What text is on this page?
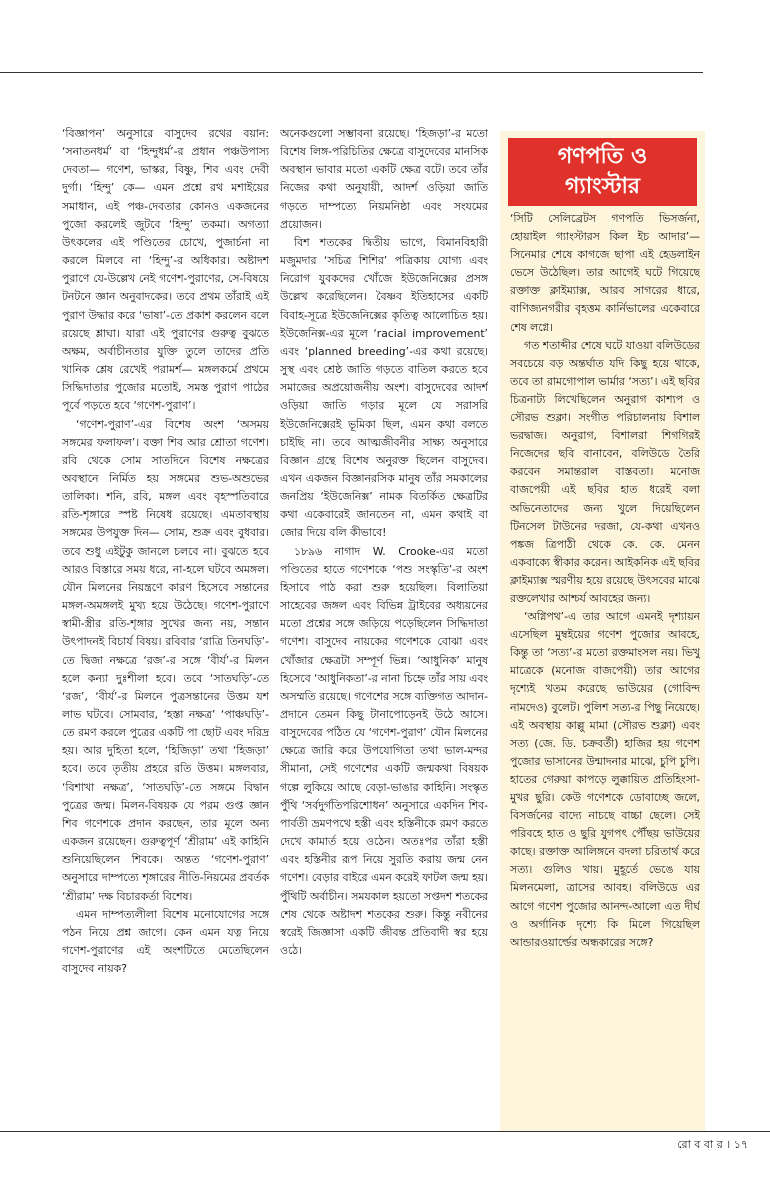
‘বিজ্ঞাপন’ অনুসারে বাসুদেব রথের বয়ান: ‘সনাতনধর্ম’ বা ‘হিন্দুধর্ম’-র প্রধান পঞ্চউপাস্য দেবতা— গণেশ, ভাস্কর, বিষ্ণু, শিব এবং দেবী দুর্গা। ‘হিন্দু’ কে— এমন প্রশ্নে রথ মশাইয়ের সমাধান, এই পঞ্চ-দেবতার কোনও একজনের পুজো করলেই জুটবে ‘হিন্দু’ তকমা। অগত্যা উৎকলের এই পণ্ডিতের চোখে, পুজার্চনা না করলে মিলবে না ‘হিন্দু’-র অধিকার। অষ্টাদশ পুরাণে যে-উল্লেখ নেই গণেশ-পুরাণের, সে-বিষয়ে টনটনে জ্ঞান অনুবাদকের। তবে প্রথম তাঁরাই এই পুরাণ উদ্ধার করে ‘ভাষা’-তে প্রকাশ করলেন বলে রয়েছে শ্লাঘা। যারা এই পুরাণের গুরুত্ব বুঝতে অক্ষম, অর্বাচীনতার যুক্তি তুলে তাদের প্রতি খানিক শ্লেষ রেখেই পরামর্শ— মঙ্গলকর্মে প্রথমে সিদ্ধিদাতার পুজোর মতোই, সমস্ত পুরাণ পাঠের পূর্বে পড়তে হবে ‘গণেশ-পুরাণ’।

‘গণেশ-পুরাণ’-এর বিশেষ অংশ ‘অসময় সঙ্গমের ফলাফল’। বক্তা শিব আর শ্রোতা গণেশ। রবি থেকে সোম সাতদিনে বিশেষ নক্ষত্রের অবস্থানে নির্মিত হয় সঙ্গমের শুভ-অশুভের তালিকা। শনি, রবি, মঙ্গল এবং বৃহস্পতিবারে রতি-শৃঙ্গারে স্পষ্ট নিষেধ রয়েছে। এমতাবস্থায় সঙ্গমের উপযুক্ত দিন— সোম, শুক্র এবং বুধবার। তবে শুধু এইটুকু জানলে চলবে না। বুঝতে হবে আরও বিস্তারে সময় ধরে, না-হলে ঘটবে অমঙ্গল। যৌন মিলনের নিয়ন্ত্রণে কারণ হিসেবে সন্তানের মঙ্গল-অমঙ্গলই মুখ্য হয়ে উঠেছে। গণেশ-পুরাণে স্বামী-স্ত্রীর রতি-শৃঙ্গার সুখের জন্য নয়, সন্তান উৎপাদনই বিচার্য বিষয়। রবিবার ‘রাত্রি তিনঘড়ি’-তে দ্বিজা নক্ষত্রে ‘রজ’-র সঙ্গে ‘বীর্য’-র মিলন হলে কন্যা দুঃশীলা হবে। তবে ‘সাতঘড়ি’-তে ‘রজ’, ‘বীর্য’-র মিলনে পুত্রসন্তানের উত্তম যশ লাভ ঘটবে। সোমবার, ‘হস্তা নক্ষত্র’ ‘পাঞ্চঘড়ি’-তে রমণ করলে পুত্রের একটি পা ছোট এবং দরিদ্র হয়। আর দুহিতা হলে, ‘হিজিড়া’ তথা ‘হিজড়া’ হবে। তবে তৃতীয় প্রহরে রতি উত্তম। মঙ্গলবার, ‘বিশাখা নক্ষত্র’, ‘সাতঘড়ি’-তে সঙ্গমে বিদ্বান পুত্রের জন্ম। মিলন-বিষয়ক যে পরম গুপ্ত জ্ঞান শিব গণেশকে প্রদান করছেন, তার মূলে অন্য একজন রয়েছেন। গুরুত্বপূর্ণ ‘শ্রীরাম’ এই কাহিনি শুনিয়েছিলেন শিবকে। অন্তত ‘গণেশ-পুরাণ’ অনুসারে দাম্পত্যে শৃঙ্গারের নীতি-নিয়মের প্রবর্তক ‘শ্রীরাম’ দক্ষ বিচারকর্তা বিশেষ।

এমন দাম্পত্যলীলা বিশেষ মনোযোগের সঙ্গে পঠন নিয়ে প্রশ্ন জাগে। কেন এমন যত্ন নিয়ে গণেশ-পুরাণের এই অংশটিতে মেতেছিলেন বাসুদেব নায়ক?

অনেকগুলো সম্ভাবনা রয়েছে। ‘হিজড়া’-র মতো বিশেষ লিঙ্গ-পরিচিতির ক্ষেত্রে বাসুদেবের মানসিক অবস্থান ভাবার মতো একটি ক্ষেত্র বটে। তবে তাঁর নিজের কথা অনুযায়ী, আদর্শ ওড়িয়া জাতি গড়তে দাম্পত্যে নিয়মনিষ্ঠা এবং সংযমের প্রয়োজন।

বিশ শতকের দ্বিতীয় ভাগে, বিমানবিহারী মজুমদার ‘সচিত্র শিশির’ পত্রিকায় যোগ্য এবং নিরোগ যুবকদের খোঁজে ইউজেনিক্সের প্রসঙ্গ উল্লেখ করেছিলেন। বৈষ্ণব ইতিহাসের একটি বিবাহ-সূত্রে ইউজেনিক্সের কৃতিত্ব আলোচিত হয়। ইউজেনিক্স-এর মূলে ‘racial improvement’ এবং ‘planned breeding’-এর কথা রয়েছে। সুস্থ এবং শ্রেষ্ঠ জাতি গড়তে বাতিল করতে হবে সমাজের অপ্রয়োজনীয় অংশ। বাসুদেবের আদর্শ ওড়িয়া জাতি গড়ার মূলে যে সরাসরি ইউজেনিক্সেরই ভূমিকা ছিল, এমন কথা বলতে চাইছি না। তবে আত্মজীবনীর সাক্ষ্য অনুসারে বিজ্ঞান গ্রন্থে বিশেষ অনুরক্ত ছিলেন বাসুদেব। এখন একজন বিজ্ঞানরসিক মানুষ তাঁর সমকালের জনপ্রিয় ‘ইউজেনিক্স’ নামক বিতর্কিত ক্ষেত্রটির কথা একেবারেই জানতেন না, এমন কথাই বা জোর দিয়ে বলি কীভাবে!

১৮৯৬ নাগাদ W. Crooke-এর মতো পণ্ডিতের হাতে গণেশকে ‘পশু সংস্কৃতি’-র অংশ হিসাবে পাঠ করা শুরু হয়েছিল। বিলাতিয়া সাহেবের জঙ্গল এবং বিভিন্ন ট্রাইবের অধ্যয়নের মতো প্রশ্নের সঙ্গে জড়িয়ে পড়েছিলেন সিদ্ধিদাতা গণেশ। বাসুদেব নায়কের গণেশকে বোঝা এবং খোঁজার ক্ষেত্রটা সম্পূর্ণ ভিন্ন। ‘আধুনিক’ মানুষ হিসেবে ‘আধুনিকতা’-র নানা চিহ্নে তাঁর সায় এবং অসম্মতি রয়েছে। গণেশের সঙ্গে ব্যক্তিগত আদান-প্রদানে তেমন কিছু টানাপোড়েনই উঠে আসে। বাসুদেবের পঠিত যে ‘গণেশ-পুরাণ’ যৌন মিলনের ক্ষেত্রে জারি করে উপযোগিতা তথা ভাল-মন্দর সীমানা, সেই গণেশের একটি জন্মকথা বিষয়ক গল্পে লুকিয়ে আছে বেড়া-ভাঙার কাহিনি। সংস্কৃত পুঁথি ‘সর্বদুর্গতিপরিশোধন’ অনুসারে একদিন শিব-পার্বতী ভ্রমণপথে হস্তী এবং হস্তিনীকে রমণ করতে দেখে কামার্ত হয়ে ওঠেন। অতঃপর তাঁরা হস্তী এবং হস্তিনীর রূপ নিয়ে সুরতি করায় জন্ম নেন গণেশ। বেড়ার বাইরে এমন করেই ফাটল জন্ম হয়। পুঁথিটি অর্বাচীন। সমযকাল হয়তো সপ্তদশ শতকের শেষ থেকে অষ্টাদশ শতকের শুরু। কিন্তু নবীনের স্বরেই জিজ্ঞাসা একটি জীবন্ত প্রতিবাদী স্বর হয়ে ওঠে।

গণপতি ও
গ্যাংস্টার

‘সিটি সেলিব্রেটস গণপতি ভিসর্জনা, হোয়াইল গ্যাংস্টারস কিল ইচ আদার’— সিনেমার শেষে কাগজে ছাপা এই হেডলাইন ভেসে উঠেছিল। তার আগেই ঘটে গিয়েছে রক্তাক্ত ক্লাইম্যাক্স, আরব সাগরের ধারে, বাণিজ্যনগরীর বৃহত্তম কার্নিভালের একেবারে শেষ লগ্নে।

গত শতাব্দীর শেষে ঘটে যাওয়া বলিউডের সবচেয়ে বড় অন্তর্ঘাত যদি কিছু হয়ে থাকে, তবে তা রামগোপাল ভার্মার ‘সত্য’। এই ছবির চিত্রনাট্য লিখেছিলেন অনুরাগ কাশ্যপ ও সৌরভ শুক্লা। সংগীত পরিচালনায় বিশাল ভরদ্বাজ। অনুরাগ, বিশালরা শিগগিরই নিজেদের ছবি বানাবেন, বলিউডে তৈরি করবেন সমান্তরাল বাস্তবতা। মনোজ বাজপেয়ী এই ছবির হাত ধরেই বলা অভিনেতাদের জন্য খুলে দিয়েছিলেন টিনসেল টাউনের দরজা, যে-কথা এখনও পঙ্কজ ত্রিপাঠী থেকে কে. কে. মেনন একবাক্যে স্বীকার করেন। আইকনিক এই ছবির ক্লাইম্যাক্স স্মরণীয় হয়ে রয়েছে উৎসবের মাঝে রক্তলেখার আশ্চর্য আবহের জন্য।

‘অগ্নিপথ’-এ তার আগে এমনই দৃশ্যায়ন এসেছিল মুম্বইয়ের গণেশ পুজোর আবহে, কিন্তু তা ‘সত্য’-র মতো রক্তমাংসল নয়। ভিখু মাত্রেকে (মনোজ বাজপেয়ী) তার আগের দৃশ্যেই খতম করেছে ভাউয়ের (গোবিন্দ নামদেও) বুলেট। পুলিশ সত্য-র পিছু নিয়েছে। এই অবস্থায় কাল্লু মামা (সৌরভ শুক্লা) এবং সত্য (জে. ডি. চক্রবর্তী) হাজির হয় গণেশ পুজোর ভাসানের উন্মাদনার মাঝে, চুপি চুপি। হাতের গেরুয়া কাপড়ে লুক্কায়িত প্রতিহিংসা-মুখর ছুরি। কেউ গণেশকে ডোবাচ্ছে জলে, বিসর্জনের বাদ্যে নাচছে বাচ্চা ছেলে। সেই পরিবহে হাত ও ছুরি যুগপৎ পৌঁছয় ভাউয়ের কাছে। রক্তাক্ত আলিঙ্গনে বদলা চরিতার্থ করে সত্য। গুলিও খায়। মুহূর্তে ভেঙে যায় মিলনমেলা, ত্রাসের আবহ। বলিউডে এর আগে গণেশ পুজোর আনন্দ-আলো এত দীর্ঘ ও অর্গানিক দৃশ্যে কি মিলে গিয়েছিল আন্ডারওয়ার্ল্ডের অন্ধকারের সঙ্গে?

রো ব বা র । ১৭
